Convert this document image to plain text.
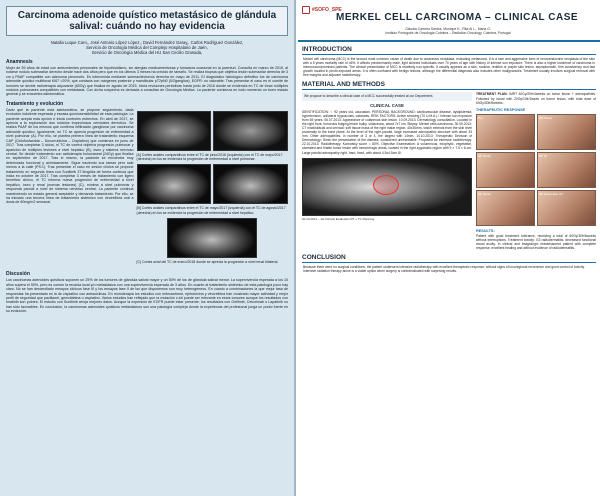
Carcinoma adenoide quístico metastásico de glándula salival: cuándo no hay evidencia
Natalia Luque Caro,, José Antonio López López,, David Fernández Garay,, Carlos Rodríguez González,
Servicio de Oncología Médica del Complejo Hospitalario de Jaén,
Servicio de Oncología Médica del HU San Cecilio Granada,
Anamnesis
Mujer de 59 años de edad con antecedentes personales de hipotiroidismo, sin alergias medicamentosas y fumadora ocasional en la juventud. Consulta en marzo de 2010, al notarse nódulo submaxilar derecho desde hace dos años pero que en los últimos 3 meses ha crecido de tamaño. Se realiza biopsia que objetiva lesión submaxilar derecha de 3 cm y PAAF compatible con adenoma pleomorfo. Es intervenida mediante submaxilectomía derecha en mayo de 2011. El diagnóstico histológico definitivo fue de carcinoma adenoide quístico multifocal Ki67 >20%, que contacta con márgenes posterior y mandibular pT2pN0 (0/2ganglios), EGFR: no valorable. Tras presentar el caso en el comité de tumores se decide radioterapia adyuvante (60Gy) que finaliza en agosto de 2015. Inicia revisiones periódicas hasta junio de 2016 donde se evidencia en TC de tórax múltiples nódulos pulmonares compatibles con metástasis. Con dicha sospecha es derivada a consultas de Oncología Médica. La paciente comienza en todo momento un buen estado general y se encuentra asintomática.
Tratamiento y evolución
Dado que la paciente está asintomática, se propone seguimiento, dada evolución indolente esperada y escasa quimiosensibilidad de esta patología. La paciente acepta esta opción e inicia controles estrechos. En abril de 2017, se aprecia a la exploración dos nódulos tropechosos cervicales derechos. Se realiza PAAF de los mismos que confirma infiltración ganglionar por carcinoma adenoide quístico. Igualmente, en TC se aprecia progresión de enfermedad a nivel pulmonar (A). Por ello, se plantea primera línea de tratamiento esquema CAP (Ciclofosfamida – Doxorrubicina – Cisplatino) que comienza en junio de 2017. Tras completar 3 ciclos, el TC de control objetiva progresión pulmonar y aparición de múltiples lesiones a nivel hepático (B), óseo y sistema nervioso central. Se decide tratamiento con radioterapia holocraneal (24Gy) que finaliza en septiembre de 2017. Tras el mismo, la paciente se encuentra muy deteriorada funcional y anímicamente. Sigue haciendo sus tareas pero sale menos a la calle (PS:1). Tras presentar el caso en sesión clínica se propone tratamiento en segunda línea con Sunitinib 37.5mg/día de forma continua que inicia en octubre de 2017. Tras completar 3 meses de tratamiento con ligero beneficio clínico, el TC informa nueva progresión de enfermedad a nivel hepático, óseo y renal (nuevas lesiones) (C), mínima a nivel pulmonar y respuesta parcial a nivel de sistema nervioso central. La paciente continua manteniendo un estado general aceptable y demanda tratamiento. Por ello, se ha iniciado una tercera línea de tratamiento sistémico con vinorelbina oral a dosis de 60mg/m2 semanal.
[A] Cortes axiales comparativos entre el TC de junio/2016 (izquierda) con el TC de mayo/2017 (derecha) en los se evidencia la progresión de enfermedad a nivel pulmonar.
[B] Cortes axiales comparativos entre el TC de mayo/2017 (izquierda) con el TC de agosto/2017 (derecha) en los se evidencia la progresión de enfermedad a nivel hepático.
[C] Cortes axial del TC de enero/2018 donde se aprecia la progresión a nivel renal bilateral.
Discusión
Los carcinomas adenoides quísticos suponen un 25% de los tumores de glándula salival mayor y un 50% de los de glándula salival menor. La supervivencia esperada a los 10 años supera el 50%, pero es común la recaída local y/o metastásica con una supervivencia esperada de 3 años. En cuanto al tratamiento sistémico de esta patología poco hay claro. No se han desarrollado ensayos clínicos fase III y los ensayos fase II de los que disponemos son muy heterogéneos. En cuanto a combinaciones la que mejor tasa de respuestas ha presentado es la de cisplatino con antraciclinas. En monoterapia los estudios con mitoxantrone, epirrubicina y vinorelbina han mostrado mayor actividad y mejor perfil de seguridad que paclitaxel, gemcitabina o cisplatino. Varios estudios han reflejado que la mutación c-kit puede ser relevante en estos tumores aunque los resultados con Imatinib son pobres. El estudio con Sunitinib arroja mejores datos. Aunque la expresión de EGFR puede estar presente, los resultados con Gefitinib, Cetuximab o Lapatinib no han sido favorables. En conclusión, la carcinomas adenoides quísticos metastásicos son una patología compleja donde la experiencia del profesional juega un punto fuerte en su evolución.
#SOFO_SPE
MERKEL CELL CARCINOMA – CLINICAL CASE
Cláudia Carreira Santos, Monique K., Rita Al L., Maria G.
Instituto Português de Oncologia Coimbra – Radiation Oncology, Coimbra, Portugal
INTRODUCTION
Merkel cell carcinoma (MCC) is the second most common cause of death due to cutaneous neoplasia, excluding melanoma. It is a rare and aggressive form of neuroendocrine neoplasia of the skin with a 5 years mortality rate of 46%. It affects predominantly male, light skinned individuals over 70 years of age with history of intense sun exposure. There is also a higher incidence of carcinoma in immunocompromised patients. The clinical presentation of MCC is relatively non-specific. It usually appears as a skin, nodular, reddish or purple skin lesion, asymptomatic, firm consistency and fast growth located in photo-exposed areas. It is often confused with benign lesions, although the differential diagnosis also includes other malignancies. Treatment usually involves surgical removal with free margins and adjuvant radiotherapy.
MATERIAL AND METHODS
We propose to describe a clinical case of a MCC successfully treated at our Department.
CLINICAL CASE
IDENTIFICATION: ♀ 92 years old, caucasian. PERSONAL BACKGROUND: cardiovascular disease, dyslipidemia, hypertension, unilateral hypoacusis, cataracts. RISK FACTORS: Active smoking (70 U.M.A.) / Intense sun exposure from 65 years. 06.07.2013: Appearance of cutaneous skin lesion. 10.09.2013: Dermatology consultation. Located in the right front, tumorous bulging lesion bulky, violaceous, about 7x7 cm. Biopsy: Merkel cells carcinoma. 30.09.2013: CT maxillofacial and cervical: soft tissue mass of the right malar region, 40x30mm, which extends from the skin level proximally to the bone plane. At the level of the right parotid, large increased adenopathic structure with about 33 mm. Other adenopathies, in number of 3 or 4, the largest with 14mm. 14.10.2013: Therapeutic Decision of Dermatology: Given the presentation of the disease, considered unresectable. Proposed for intensive radiotherapy. 22.10.2013: Radiotherapy. Karnofsky score = 80%. Objective Examination: A voluminous, exophytic, vegetative, ulcerated and friable tumor lesion with hemorrhagic areas, located in the right zygomatic region with 9 × 7.5 × 6 cm. Large parotid adenopathy right, hard, fixed, with about 4.5x4.5cm Ø.
20.10.2013 – 1st Clinical Evaluation RT + TC Planning
TREATMENT PLAN: IMRT 40Gy/20fr/4weeks on tumor lesion + adenopathies. Followed by boost with 20Gy/10fr/2week on tumor lesion, with total dose of 60Gy/30fr/6weeks.
THERAPEUTIC RESPONSE
Pre	3rd Week
4th Week	5th W
6th Week	8th Week after RT
RESULTS:
Patient with good treatment tolerance, receiving a total of 60Gy/30fr/6weeks without interruptions. Treatment toxicity: G3 radiodermatitis, decreased functional visual acuity. In clinical and imagiologic reassessment patient with complete response, excellent healing and without evidence of radiodermatitis.
CONCLUSION
Because there were no surgical conditions, the patient underwent intensive radiotherapy with excellent therapeutic response, without signs of locoregional recurrence and good control of toxicity. Intensive radiation therapy alone is a viable option when surgery is contraindicated with surprising results.
